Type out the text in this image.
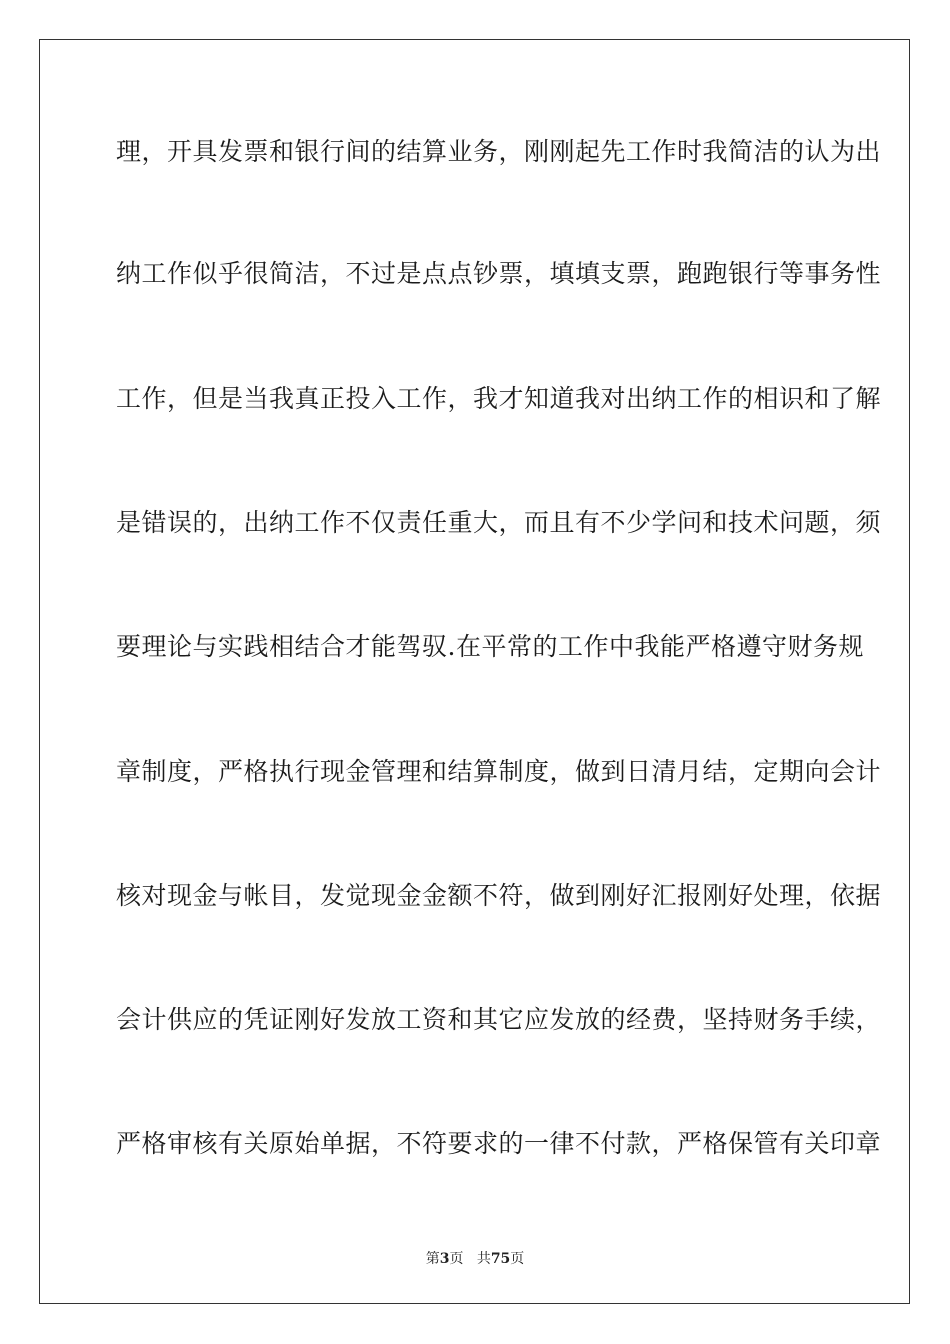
理，开具发票和银行间的结算业务，刚刚起先工作时我简洁的认为出
纳工作似乎很简洁，不过是点点钞票，填填支票，跑跑银行等事务性
工作，但是当我真正投入工作，我才知道我对出纳工作的相识和了解
是错误的，出纳工作不仅责任重大，而且有不少学问和技术问题，须
要理论与实践相结合才能驾驭.在平常的工作中我能严格遵守财务规
章制度，严格执行现金管理和结算制度，做到日清月结，定期向会计
核对现金与帐目，发觉现金金额不符，做到刚好汇报刚好处理，依据
会计供应的凭证刚好发放工资和其它应发放的经费，坚持财务手续，
严格审核有关原始单据，不符要求的一律不付款，严格保管有关印章
第3页 共75页
